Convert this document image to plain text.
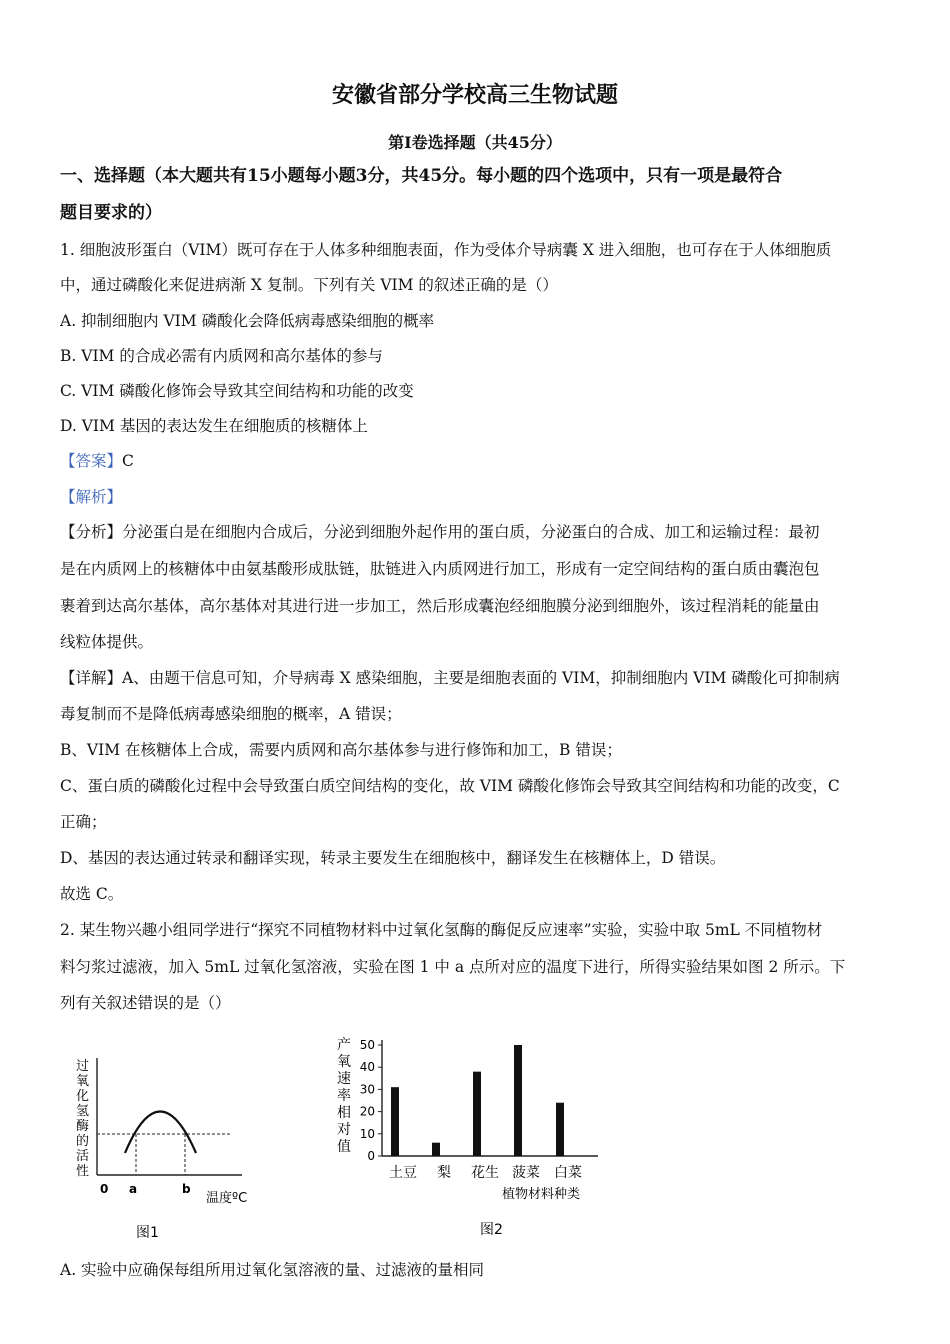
安徽省部分学校高三生物试题
第I卷选择题（共45分）
一、选择题（本大题共有15小题每小题3分，共45分。每小题的四个选项中，只有一项是最符合
题目要求的）
1. 细胞波形蛋白（VIM）既可存在于人体多种细胞表面，作为受体介导病囊 X 进入细胞，也可存在于人体细胞质
中，通过磷酸化来促进病渐 X 复制。下列有关 VIM 的叙述正确的是（）
A. 抑制细胞内 VIM 磷酸化会降低病毒感染细胞的概率
B. VIM 的合成必需有内质网和高尔基体的参与
C. VIM 磷酸化修饰会导致其空间结构和功能的改变
D. VIM 基因的表达发生在细胞质的核糖体上
【答案】C
【解析】
【分析】分泌蛋白是在细胞内合成后，分泌到细胞外起作用的蛋白质，分泌蛋白的合成、加工和运输过程：最初
是在内质网上的核糖体中由氨基酸形成肽链，肽链进入内质网进行加工，形成有一定空间结构的蛋白质由囊泡包
裹着到达高尔基体，高尔基体对其进行进一步加工，然后形成囊泡经细胞膜分泌到细胞外，该过程消耗的能量由
线粒体提供。
【详解】A、由题干信息可知，介导病毒 X 感染细胞，主要是细胞表面的 VIM，抑制细胞内 VIM 磷酸化可抑制病
毒复制而不是降低病毒感染细胞的概率，A 错误；
B、VIM 在核糖体上合成，需要内质网和高尔基体参与进行修饰和加工，B 错误；
C、蛋白质的磷酸化过程中会导致蛋白质空间结构的变化，故 VIM 磷酸化修饰会导致其空间结构和功能的改变，C
正确；
D、基因的表达通过转录和翻译实现，转录主要发生在细胞核中，翻译发生在核糖体上，D 错误。
故选 C。
2. 某生物兴趣小组同学进行“探究不同植物材料中过氧化氢酶的酶促反应速率”实验，实验中取 5mL 不同植物材
料匀浆过滤液，加入 5mL 过氧化氢溶液，实验在图 1 中 a 点所对应的温度下进行，所得实验结果如图 2 所示。下
列有关叙述错误的是（）
过
氧
化
氢
酶
的
活
性
0 a	b
温度ºC
图1
产
氧
速
率
相
对
值
0
10
20
30
40
50
土豆 梨 花生 菠菜 白菜
植物材料种类
图2
A. 实验中应确保每组所用过氧化氢溶液的量、过滤液的量相同
